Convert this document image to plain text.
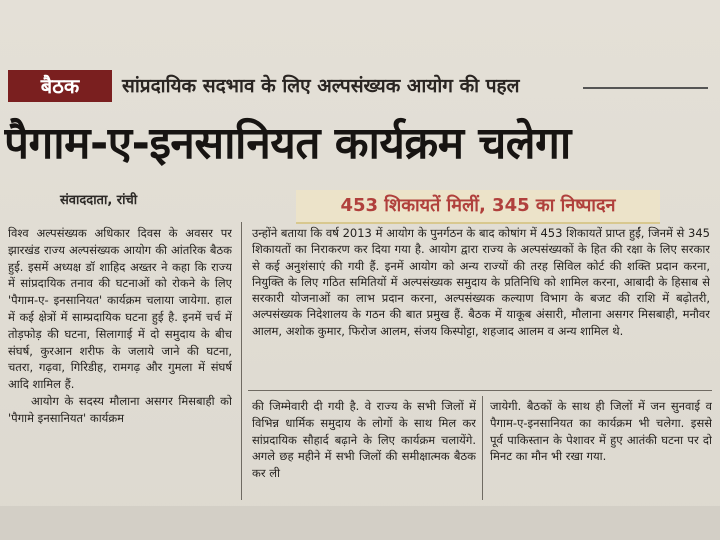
बैठक	सांप्रदायिक सदभाव के लिए अल्पसंख्यक आयोग की पहल
पैगाम-ए-इनसानियत कार्यक्रम चलेगा
संवाददाता, रांची	453 शिकायतें मिलीं, 345 का निष्पादन

विश्व अल्पसंख्यक अधिकार दिवस के अवसर पर झारखंड राज्य अल्पसंख्यक आयोग की आंतरिक बैठक हुई. इसमें अध्यक्ष डॉ शाहिद अख्तर ने कहा कि राज्य में सांप्रदायिक तनाव की घटनाओं को रोकने के लिए 'पैगाम-ए- इनसानियत' कार्यक्रम चलाया जायेगा. हाल में कई क्षेत्रों में साम्प्रदायिक घटना हुई है. इनमें चर्च में तोड़फोड़ की घटना, सिलागाई में दो समुदाय के बीच संघर्ष, कुरआन शरीफ के जलाये जाने की घटना, चतरा, गढ़वा, गिरिडीह, रामगढ़ और गुमला में संघर्ष आदि शामिल हैं.

आयोग के सदस्य मौलाना असगर मिसबाही को 'पैगामे इनसानियत' कार्यक्रम

उन्होंने बताया कि वर्ष 2013 में आयोग के पुनर्गठन के बाद कोषांग में 453 शिकायतें प्राप्त हुईं, जिनमें से 345 शिकायतों का निराकरण कर दिया गया है. आयोग द्वारा राज्य के अल्पसंख्यकों के हित की रक्षा के लिए सरकार से कई अनुशंसाएं की गयी हैं. इनमें आयोग को अन्य राज्यों की तरह सिविल कोर्ट की शक्ति प्रदान करना, नियुक्ति के लिए गठित समितियों में अल्पसंख्यक समुदाय के प्रतिनिधि को शामिल करना, आबादी के हिसाब से सरकारी योजनाओं का लाभ प्रदान करना, अल्पसंख्यक कल्याण विभाग के बजट की राशि में बढ़ोतरी, अल्पसंख्यक निदेशालय के गठन की बात प्रमुख हैं. बैठक में याकूब अंसारी, मौलाना असगर मिसबाही, मनौवर आलम, अशोक कुमार, फिरोज आलम, संजय किस्पोट्टा, शहजाद आलम व अन्य शामिल थे.

की जिम्मेवारी दी गयी है. वे राज्य के सभी जिलों में विभिन्न धार्मिक समुदाय के लोगों के साथ मिल कर सांप्रदायिक सौहार्द बढ़ाने के लिए कार्यक्रम चलायेंगे. अगले छह महीने में सभी जिलों की समीक्षात्मक बैठक कर ली

जायेगी. बैठकों के साथ ही जिलों में जन सुनवाई व पैगाम-ए-इनसानियत का कार्यक्रम भी चलेगा. इससे पूर्व पाकिस्तान के पेशावर में हुए आतंकी घटना पर दो मिनट का मौन भी रखा गया.
